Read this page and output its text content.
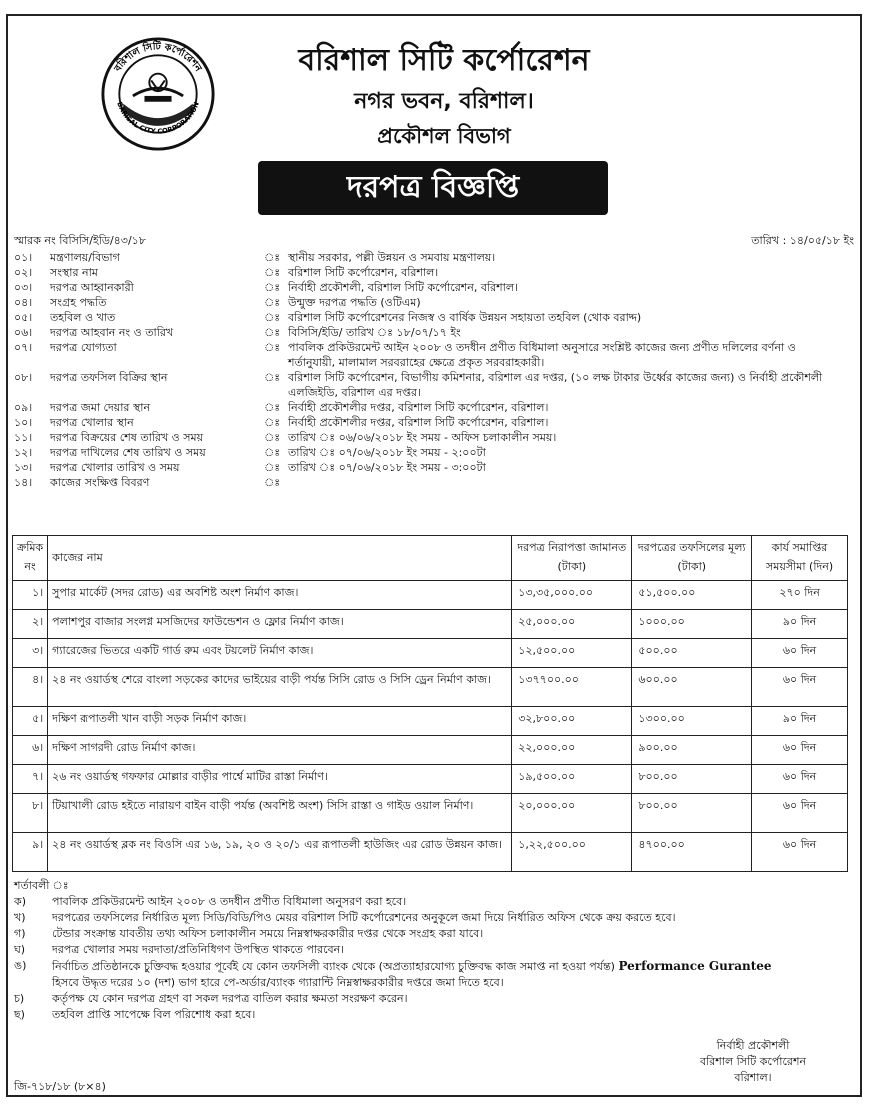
বরিশাল সিটি কর্পোরেশন
BARISAL CITY CORPORATION
বরিশাল সিটি কর্পোরেশন
নগর ভবন, বরিশাল।
প্রকৌশল বিভাগ
দরপত্র বিজ্ঞপ্তি
স্মারক নং বিসিসি/ইডি/৪৩/১৮	তারিখ : ১৪/০৫/১৮ ইং
০১।	মন্ত্রণালয়/বিভাগ	ঃ স্থানীয় সরকার, পল্লী উন্নয়ন ও সমবায় মন্ত্রণালয়।
০২।	সংস্থার নাম	ঃ বরিশাল সিটি কর্পোরেশন, বরিশাল।
০৩।	দরপত্র আহ্বানকারী	ঃ নির্বাহী প্রকৌশলী, বরিশাল সিটি কর্পোরেশন, বরিশাল।
০৪।	সংগ্রহ পদ্ধতি	ঃ উন্মুক্ত দরপত্র পদ্ধতি (ওটিএম)
০৫।	তহবিল ও খাত	ঃ বরিশাল সিটি কর্পোরেশনের নিজস্ব ও বার্ষিক উন্নয়ন সহায়তা তহবিল (থোক বরাদ্দ)
০৬।	দরপত্র আহবান নং ও তারিখ	ঃ বিসিসি/ইডি/ তারিখ ঃ ১৮/০৭/১৭ ইং
০৭।	দরপত্র যোগ্যতা	ঃ পাবলিক প্রকিউরমেন্ট আইন ২০০৮ ও তদধীন প্রণীত বিধিমালা অনুসারে সংশ্লিষ্ট কাজের জন্য প্রণীত দলিলের বর্ণনা ও শর্তানুযায়ী, মালামাল সরবরাহের ক্ষেত্রে প্রকৃত সরবরাহকারী।
০৮।	দরপত্র তফসিল বিক্রির স্থান	ঃ বরিশাল সিটি কর্পোরেশন, বিভাগীয় কমিশনার, বরিশাল এর দপ্তর, (১০ লক্ষ টাকার উর্ধ্বের কাজের জন্য) ও নির্বাহী প্রকৌশলী এলজিইডি, বরিশাল এর দপ্তর।
০৯।	দরপত্র জমা দেয়ার স্থান	ঃ নির্বাহী প্রকৌশলীর দপ্তর, বরিশাল সিটি কর্পোরেশন, বরিশাল।
১০।	দরপত্র খোলার স্থান	ঃ নির্বাহী প্রকৌশলীর দপ্তর, বরিশাল সিটি কর্পোরেশন, বরিশাল।
১১।	দরপত্র বিক্রয়ের শেষ তারিখ ও সময়	ঃ তারিখ ঃ ০৬/০৬/২০১৮ ইং সময় - অফিস চলাকালীন সময়।
১২।	দরপত্র দাখিলের শেষ তারিখ ও সময়	ঃ তারিখ ঃ ০৭/০৬/২০১৮ ইং সময় - ২:০০টা
১৩।	দরপত্র খোলার তারিখ ও সময়	ঃ তারিখ ঃ ০৭/০৬/২০১৮ ইং সময় - ৩:০০টা
১৪।	কাজের সংক্ষিপ্ত বিবরণ	ঃ
ক্রমিক নং	কাজের নাম	দরপত্র নিরাপত্তা জামানত (টাকা)	দরপত্রের তফসিলের মূল্য (টাকা)	কার্য সমাপ্তির সময়সীমা (দিন)
১।	সুপার মার্কেট (সদর রোড) এর অবশিষ্ট অংশ নির্মাণ কাজ।	১৩,৩৫,০০০.০০	৫১,৫০০.০০	২৭০ দিন
২।	পলাশপুর বাজার সংলগ্ন মসজিদের ফাউন্ডেশন ও ফ্লোর নির্মাণ কাজ।	২৫,০০০.০০	১০০০.০০	৯০ দিন
৩।	গ্যারেজের ভিতরে একটি গার্ড রুম এবং টয়লেট নির্মাণ কাজ।	১২,৫০০.০০	৫০০.০০	৬০ দিন
৪।	২৪ নং ওয়ার্ডস্থ শেরে বাংলা সড়কের কাদের ভাইয়ের বাড়ী পর্যন্ত সিসি রোড ও সিসি ড্রেন নির্মাণ কাজ।	১৩৭৭০০.০০	৬০০.০০	৬০ দিন
৫।	দক্ষিণ রূপাতলী খান বাড়ী সড়ক নির্মাণ কাজ।	৩২,৮০০.০০	১৩০০.০০	৯০ দিন
৬।	দক্ষিণ সাগরদী রোড নির্মাণ কাজ।	২২,০০০.০০	৯০০.০০	৬০ দিন
৭।	২৬ নং ওয়ার্ডস্থ গফফার মোল্লার বাড়ীর পার্শ্বে মাটির রাস্তা নির্মাণ।	১৯,৫০০.০০	৮০০.০০	৬০ দিন
৮।	টিয়াখালী রোড হইতে নারায়ণ বাইন বাড়ী পর্যন্ত (অবশিষ্ট অংশ) সিসি রাস্তা ও গাইড ওয়াল নির্মাণ।	২০,০০০.০০	৮০০.০০	৬০ দিন
৯।	২৪ নং ওয়ার্ডস্থ ব্লক নং বিওসি এর ১৬, ১৯, ২০ ও ২০/১ এর রূপাতলী হাউজিং এর রোড উন্নয়ন কাজ।	১,২২,৫০০.০০	৪৭০০.০০	৬০ দিন
শর্তাবলী ঃ
ক)	পাবলিক প্রকিউরমেন্ট আইন ২০০৮ ও তদধীন প্রণীত বিধিমালা অনুসরণ করা হবে।
খ)	দরপত্রের তফসিলের নির্ধারিত মূল্য সিডি/বিডি/পিও মেয়র বরিশাল সিটি কর্পোরেশনের অনুকূলে জমা দিয়ে নির্ধারিত অফিস থেকে ক্রয় করতে হবে।
গ)	টেন্ডার সংক্রান্ত যাবতীয় তথ্য অফিস চলাকালীন সময়ে নিম্নস্বাক্ষরকারীর দপ্তর থেকে সংগ্রহ করা যাবে।
ঘ)	দরপত্র খোলার সময় দরদাতা/প্রতিনিধিগণ উপস্থিত থাকতে পারবেন।
ঙ)	নির্বাচিত প্রতিষ্ঠানকে চুক্তিবদ্ধ হওয়ার পূর্বেই যে কোন তফসিলী ব্যাংক থেকে (অপ্রত্যাহারযোগ্য চুক্তিবদ্ধ কাজ সমাপ্ত না হওয়া পর্যন্ত) Performance Gurantee
হিসবে উদ্ধৃত দরের ১০ (দশ) ভাগ হারে পে-অর্ডার/ব্যাংক গ্যারান্টি নিম্নস্বাক্ষরকারীর দপ্তরে জমা দিতে হবে।
চ)	কর্তৃপক্ষ যে কোন দরপত্র গ্রহণ বা সকল দরপত্র বাতিল করার ক্ষমতা সংরক্ষণ করেন।
ছ)	তহবিল প্রাপ্তি সাপেক্ষে বিল পরিশোধ করা হবে।
নির্বাহী প্রকৌশলী
বরিশাল সিটি কর্পোরেশন
বরিশাল।
জি-৭১৮/১৮ (৮×৪)
